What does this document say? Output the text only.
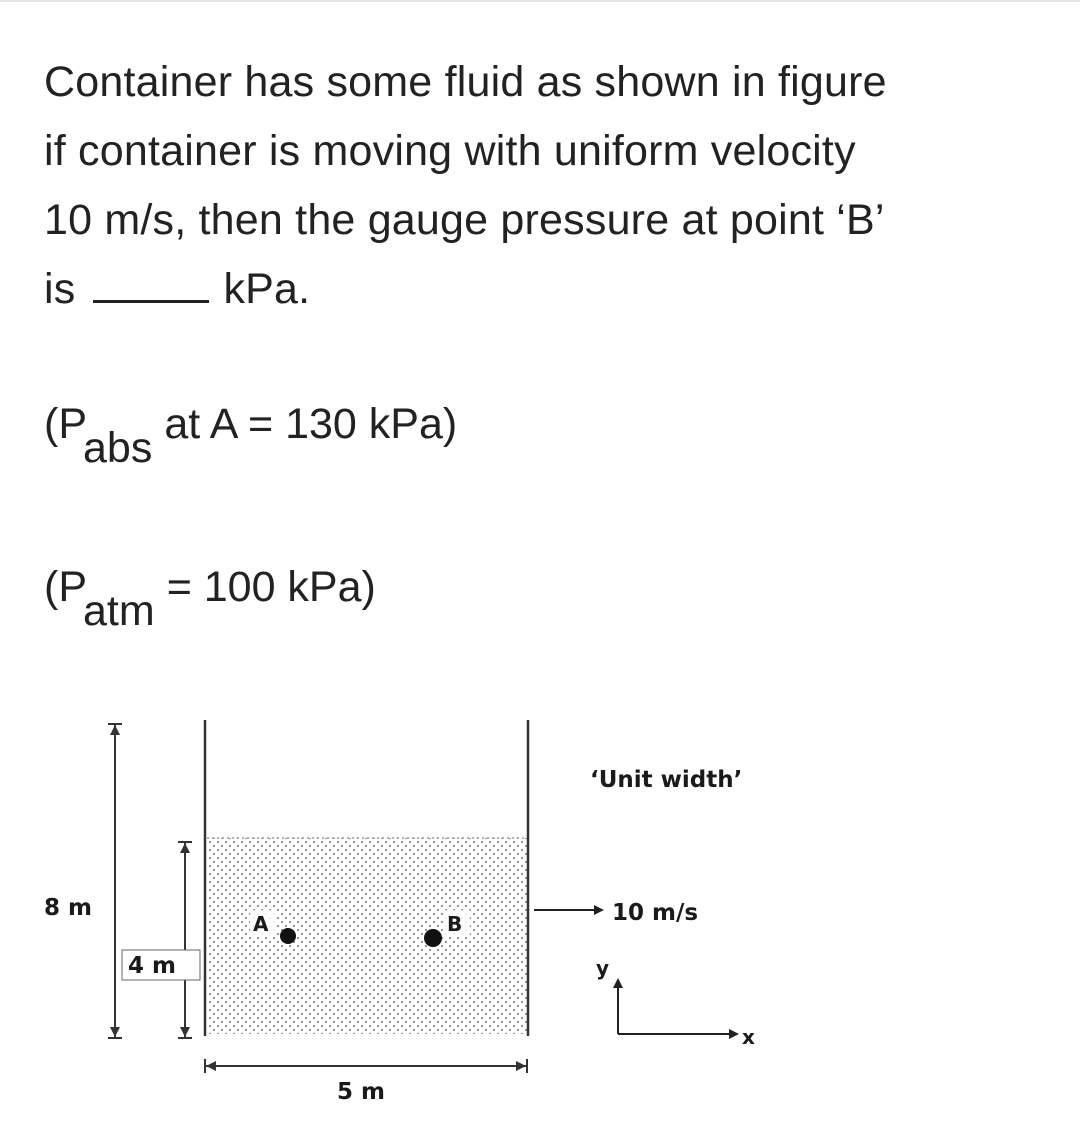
Container has some fluid as shown in figure
if container is moving with uniform velocity
10 m/s, then the gauge pressure at point ‘B’
is	kPa.
(Pabs at A = 130 kPa)
(Patm = 100 kPa)
8 m
4 m
5 m
A	B
‘Unit width’
10 m/s
y
x
